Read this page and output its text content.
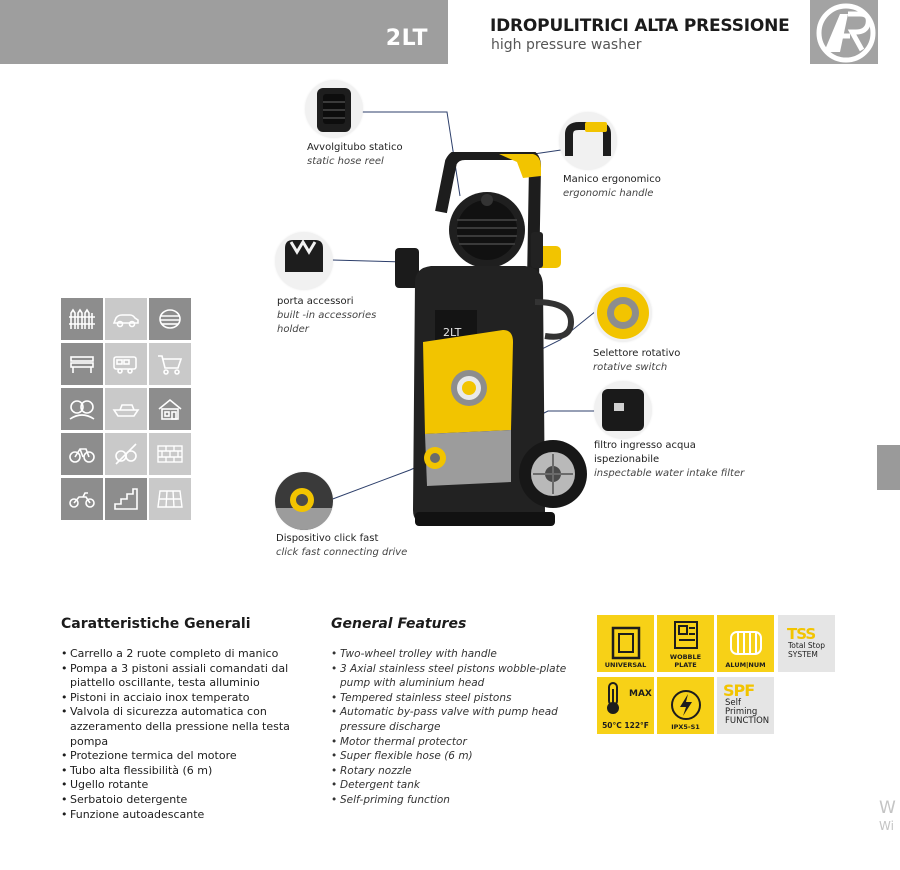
2LT	IDROPULITRICI ALTA PRESSIONE
high pressure washer
2LT
Avvolgitubo statico
static hose reel
Manico ergonomico
ergonomic handle
porta accessori
built -in accessories
holder
Selettore rotativo
rotative switch
filtro ingresso acqua
ispezionabile
inspectable water intake filter
Dispositivo click fast
click fast connecting drive
Caratteristiche Generali
• Carrello a 2 ruote completo di manico
• Pompa a 3 pistoni assiali comandati dal
piattello oscillante, testa alluminio
• Pistoni in acciaio inox temperato
• Valvola di sicurezza automatica con
azzeramento della pressione nella testa
pompa
• Protezione termica del motore
• Tubo alta flessibilità (6 m)
• Ugello rotante
• Serbatoio detergente
• Funzione autoadescante
General Features
• Two-wheel trolley with handle
• 3 Axial stainless steel pistons wobble-plate
pump with aluminium head
• Tempered stainless steel pistons
• Automatic by-pass valve with pump head
pressure discharge
• Motor thermal protector
• Super flexible hose (6 m)
• Rotary nozzle
• Detergent tank
• Self-priming function
UNIVERSAL
WOBBLE
PLATE	ALUM|NUM
TSS
Total Stop
SYSTEM
MAX
50°C 122°F	IPX5-S1
SPF
Self
Priming
FUNCTION
W
Wi
